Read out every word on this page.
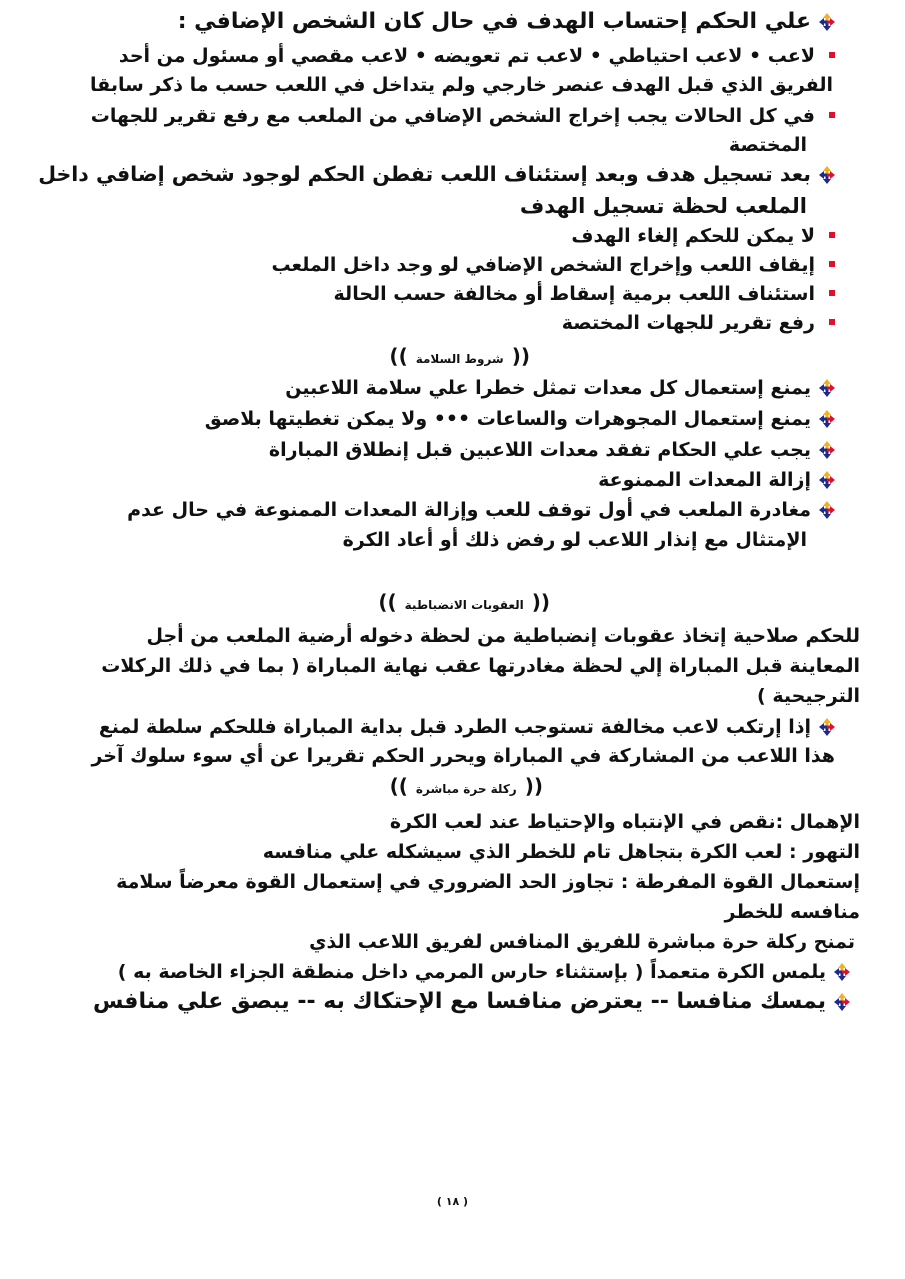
علي الحكم إحتساب الهدف في حال كان الشخص الإضافي :

لاعب • لاعب احتياطي • لاعب تم تعويضه • لاعب مقصي أو مسئول من أحد

الفريق الذي قبل الهدف عنصر خارجي ولم يتداخل في اللعب حسب ما ذكر سابقا

في كل الحالات يجب إخراج الشخص الإضافي من الملعب مع رفع تقرير للجهات

المختصة

بعد تسجيل هدف وبعد إستئناف اللعب تفطن الحكم لوجود شخص إضافي داخل

الملعب لحظة تسجيل الهدف

لا يمكن للحكم إلغاء الهدف

إيقاف اللعب وإخراج الشخص الإضافي لو وجد داخل الملعب

استئناف اللعب برمية إسقاط أو مخالفة حسب الحالة

رفع تقرير للجهات المختصة

((شروط السلامة))

يمنع إستعمال كل معدات تمثل خطرا علي سلامة اللاعبين

يمنع إستعمال المجوهرات والساعات ••• ولا يمكن تغطيتها بلاصق

يجب علي الحكام تفقد معدات اللاعبين قبل إنطلاق المباراة

إزالة المعدات الممنوعة

مغادرة الملعب في أول توقف للعب وإزالة المعدات الممنوعة في حال عدم

الإمتثال مع إنذار اللاعب لو رفض ذلك أو أعاد الكرة

((العقوبات الانضباطية))

للحكم صلاحية إتخاذ عقوبات إنضباطية من لحظة دخوله أرضية الملعب من أجل

المعاينة قبل المباراة إلي لحظة مغادرتها عقب نهاية المباراة ( بما في ذلك الركلات

الترجيحية )

إذا إرتكب لاعب مخالفة تستوجب الطرد قبل بداية المباراة فللحكم سلطة لمنع

هذا اللاعب من المشاركة في المباراة ويحرر الحكم تقريرا عن أي سوء سلوك آخر

((ركلة حرة مباشرة))

الإهمال :نقص في الإنتباه والإحتياط عند لعب الكرة

التهور : لعب الكرة بتجاهل تام للخطر الذي سيشكله علي منافسه

إستعمال القوة المفرطة : تجاوز الحد الضروري في إستعمال القوة معرضاً سلامة

منافسه للخطر

تمنح ركلة حرة مباشرة للفريق المنافس لفريق اللاعب الذي

يلمس الكرة متعمداً ( بإستثناء حارس المرمي داخل منطقة الجزاء الخاصة به )

يمسك منافسا -- يعترض منافسا مع الإحتكاك به -- يبصق علي منافس

( ١٨ )
